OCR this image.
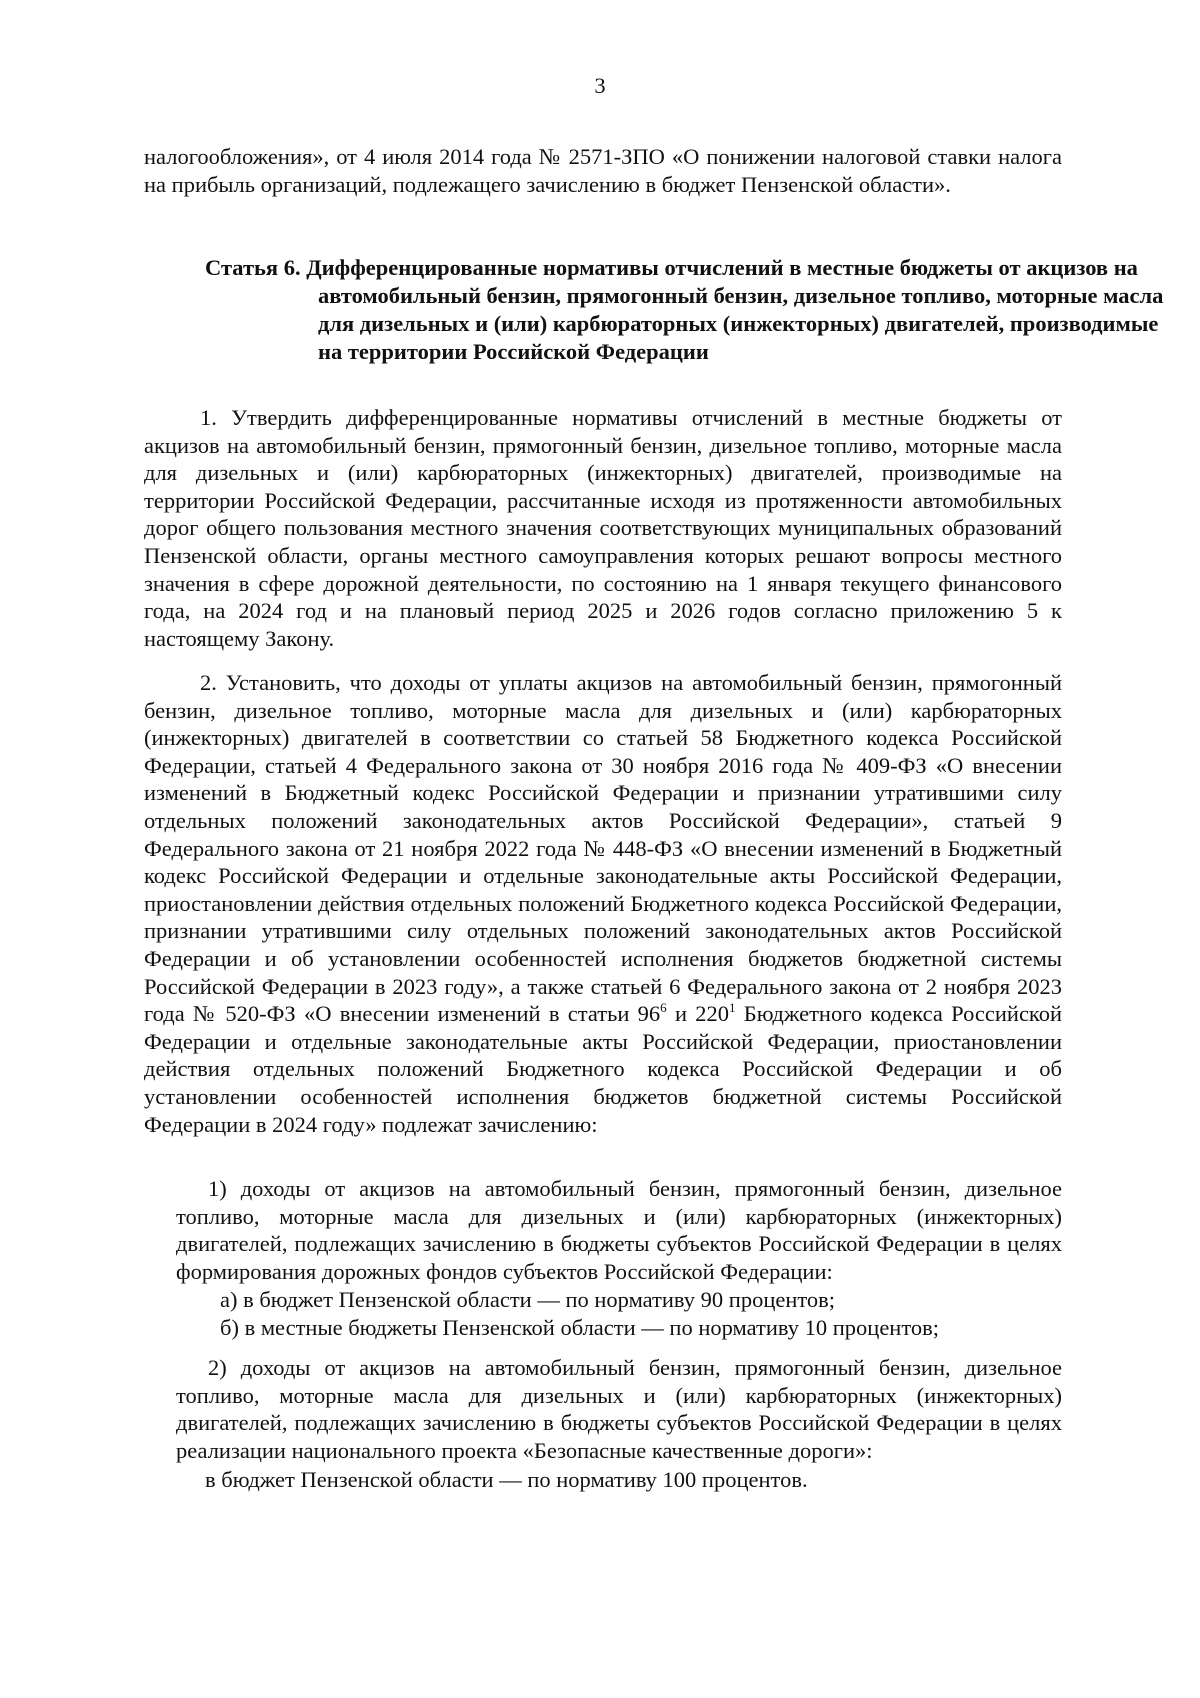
3

налогообложения», от 4 июля 2014 года № 2571-ЗПО «О понижении налоговой ставки налога на прибыль организаций, подлежащего зачислению в бюджет Пензенской области».

Статья 6. Дифференцированные нормативы отчислений в местные бюджеты от акцизов на автомобильный бензин, прямогонный бензин, дизельное топливо, моторные масла для дизельных и (или) карбюраторных (инжекторных) двигателей, производимые на территории Российской Федерации

1. Утвердить дифференцированные нормативы отчислений в местные бюджеты от акцизов на автомобильный бензин, прямогонный бензин, дизельное топливо, моторные масла для дизельных и (или) карбюраторных (инжекторных) двигателей, производимые на территории Российской Федерации, рассчитанные исходя из протяженности автомобильных дорог общего пользования местного значения соответствующих муниципальных образований Пензенской области, органы местного самоуправления которых решают вопросы местного значения в сфере дорожной деятельности, по состоянию на 1 января текущего финансового года, на 2024 год и на плановый период 2025 и 2026 годов согласно приложению 5 к настоящему Закону.

2. Установить, что доходы от уплаты акцизов на автомобильный бензин, прямогонный бензин, дизельное топливо, моторные масла для дизельных и (или) карбюраторных (инжекторных) двигателей в соответствии со статьей 58 Бюджетного кодекса Российской Федерации, статьей 4 Федерального закона от 30 ноября 2016 года № 409-ФЗ «О внесении изменений в Бюджетный кодекс Российской Федерации и признании утратившими силу отдельных положений законодательных актов Российской Федерации», статьей 9 Федерального закона от 21 ноября 2022 года № 448-ФЗ «О внесении изменений в Бюджетный кодекс Российской Федерации и отдельные законодательные акты Российской Федерации, приостановлении действия отдельных положений Бюджетного кодекса Российской Федерации, признании утратившими силу отдельных положений законодательных актов Российской Федерации и об установлении особенностей исполнения бюджетов бюджетной системы Российской Федерации в 2023 году», а также статьей 6 Федерального закона от 2 ноября 2023 года № 520-ФЗ «О внесении изменений в статьи $96^6$ и $220^1$ Бюджетного кодекса Российской Федерации и отдельные законодательные акты Российской Федерации, приостановлении действия отдельных положений Бюджетного кодекса Российской Федерации и об установлении особенностей исполнения бюджетов бюджетной системы Российской Федерации в 2024 году» подлежат зачислению:

1) доходы от акцизов на автомобильный бензин, прямогонный бензин, дизельное топливо, моторные масла для дизельных и (или) карбюраторных (инжекторных) двигателей, подлежащих зачислению в бюджеты субъектов Российской Федерации в целях формирования дорожных фондов субъектов Российской Федерации:

а) в бюджет Пензенской области — по нормативу 90 процентов;

б) в местные бюджеты Пензенской области — по нормативу 10 процентов;

2) доходы от акцизов на автомобильный бензин, прямогонный бензин, дизельное топливо, моторные масла для дизельных и (или) карбюраторных (инжекторных) двигателей, подлежащих зачислению в бюджеты субъектов Российской Федерации в целях реализации национального проекта «Безопасные качественные дороги»:

в бюджет Пензенской области — по нормативу 100 процентов.
